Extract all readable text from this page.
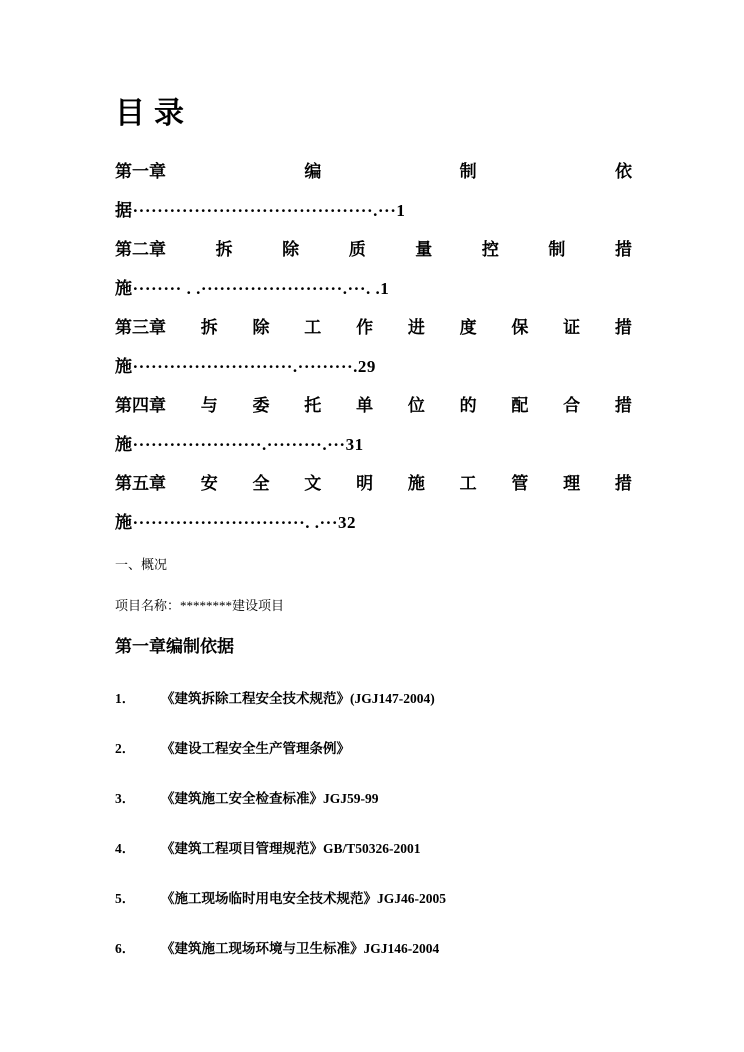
目录
第一章	编	制	依
据·······································.···1
第二章	拆	除	质	量	控	制	措
施········ . .·······················.···. .1
第三章 拆 除 工 作 进 度 保 证 措
施··························.·········.29
第四章 与 委 托 单 位 的 配 合 措
施·····················.·········.···31
第五章 安 全 文 明 施 工 管 理 措
施····························. .···32

一、概况

项目名称：********建设项目

第一章编制依据
1．	《建筑拆除工程安全技术规范》(JGJ147-2004)
2．	《建设工程安全生产管理条例》
3．	《建筑施工安全检查标准》JGJ59-99
4．	《建筑工程项目管理规范》GB/T50326-2001
5．	《施工现场临时用电安全技术规范》JGJ46-2005
6．	《建筑施工现场环境与卫生标准》JGJ146-2004
